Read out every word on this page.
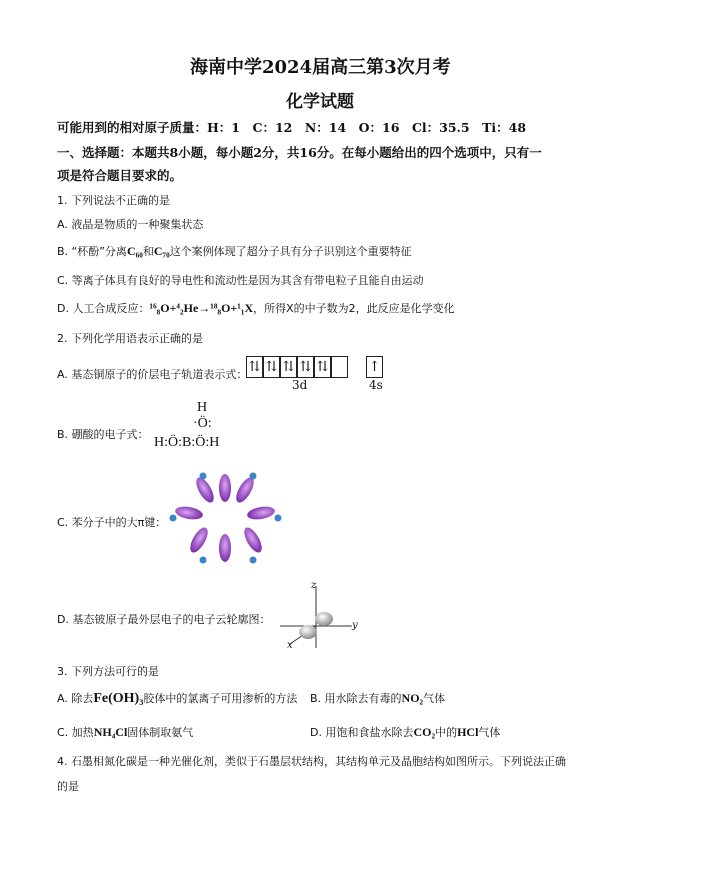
海南中学2024届高三第3次月考
化学试题
可能用到的相对原子质量：H：1　C：12　N：14　O：16　Cl：35.5　Ti：48
一、选择题：本题共8小题，每小题2分，共16分。在每小题给出的四个选项中，只有一
项是符合题目要求的。
1. 下列说法不正确的是
A. 液晶是物质的一种聚集状态
B. “杯酚”分离C₆₀和C₇₀这个案例体现了超分子具有分子识别这个重要特征
C. 等离子体具有良好的导电性和流动性是因为其含有带电粒子且能自由运动
D. 人工合成反应：¹⁶₈O+⁴₂He→¹⁸₈O+¹₁X，所得X的中子数为2，此反应是化学变化
2. 下列化学用语表示正确的是
A. 基态铜原子的价层电子轨道表示式： ⇅ ⇅ ⇅ ⇅ ⇅	↑
3d	4s
B. 硼酸的电子式：
H
·Ö:
H:Ö:B:Ö:H
C. 苯分子中的大π键：
D. 基态铍原子最外层电子的电子云轮廓图：
z
y
x
3. 下列方法可行的是
A. 除去Fe(OH)₃胶体中的氯离子可用渗析的方法 B. 用水除去有毒的NO₂气体
C. 加热NH₄Cl固体制取氨气	D. 用饱和食盐水除去CO₂中的HCl气体
4. 石墨相氮化碳是一种光催化剂，类似于石墨层状结构，其结构单元及晶胞结构如图所示。下列说法正确
的是
